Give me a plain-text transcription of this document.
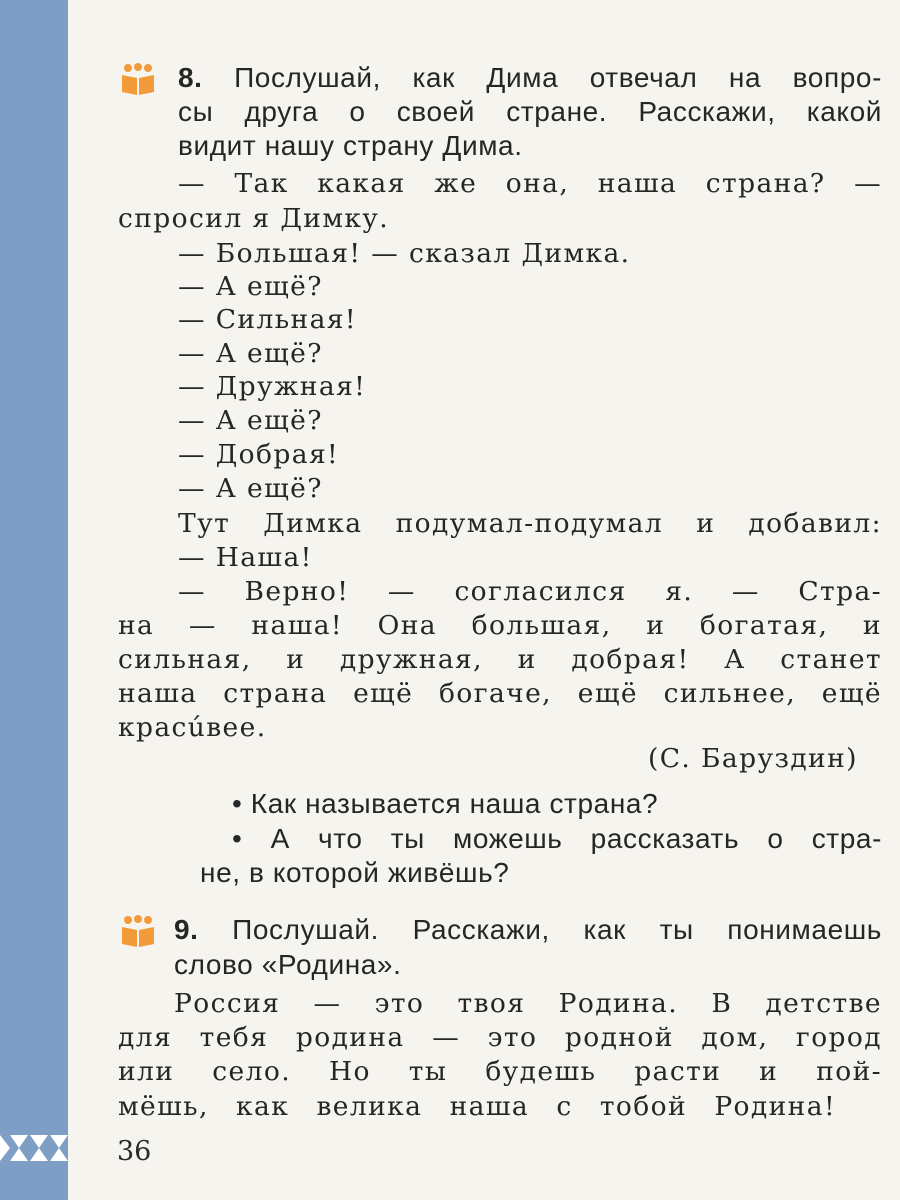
8. Послушай, как Дима отвечал на вопро-
сы друга о своей стране. Расскажи, какой
видит нашу страну Дима.
— Так какая же она, наша страна? —
спросил я Димку.
— Большая! — сказал Димка.
— А ещё?
— Сильная!
— А ещё?
— Дружная!
— А ещё?
— Добрая!
— А ещё?
Тут Димка подумал-подумал и добавил:
— Наша!
— Верно! — согласился я. — Стра-
на — наша! Она большая, и богатая, и
сильная, и дружная, и добрая! А станет
наша страна ещё богаче, ещё сильнее, ещё
красúвее.
(С. Баруздин)
• Как называется наша страна?
• А что ты можешь рассказать о стра-
не, в которой живёшь?
9. Послушай. Расскажи, как ты понимаешь
слово «Родина».
Россия — это твоя Родина. В детстве
для тебя родина — это родной дом, город
или село. Но ты будешь расти и пой-
мёшь, как велика наша с тобой Родина!
36
